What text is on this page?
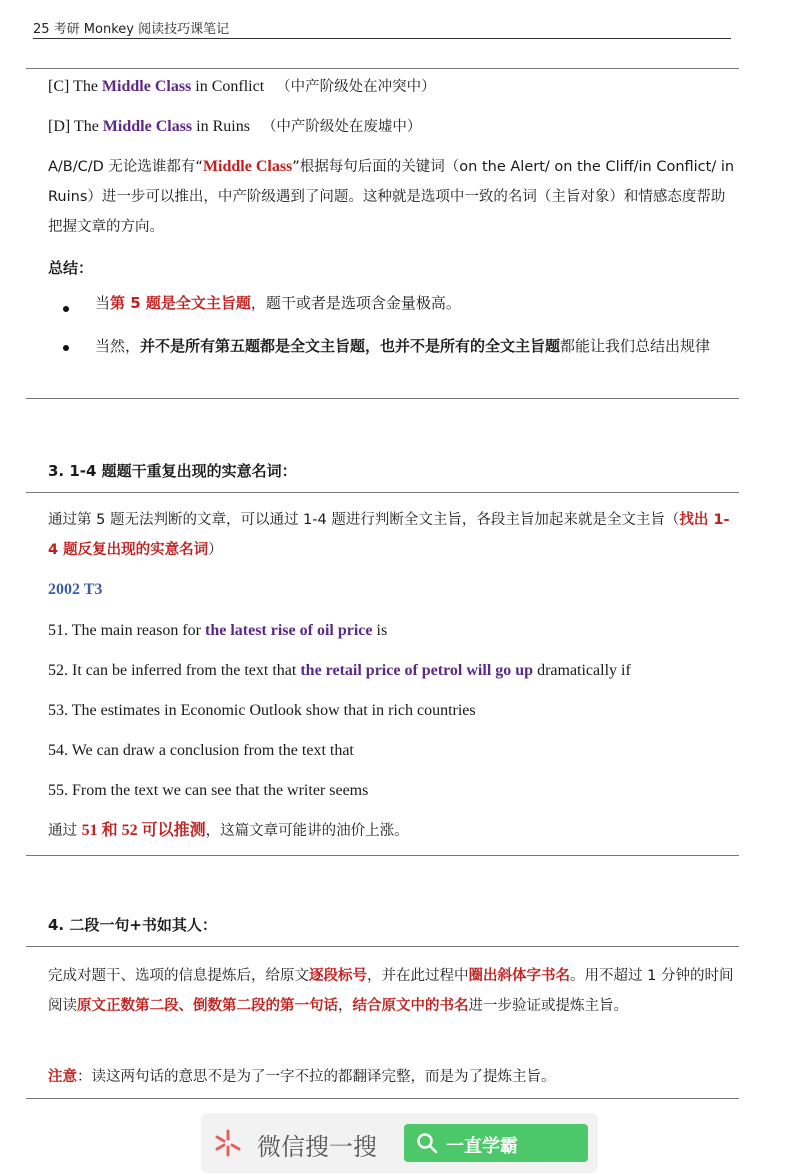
25 考研 Monkey 阅读技巧课笔记
[C] The Middle Class in Conflict （中产阶级处在冲突中）
[D] The Middle Class in Ruins （中产阶级处在废墟中）
A/B/C/D 无论选谁都有“Middle Class”根据每句后面的关键词（on the Alert/ on the Cliff/in Conflict/ in Ruins）进一步可以推出，中产阶级遇到了问题。这种就是选项中一致的名词（主旨对象）和情感态度帮助把握文章的方向。
总结：
当第 5 题是全文主旨题，题干或者是选项含金量极高。
当然，并不是所有第五题都是全文主旨题，也并不是所有的全文主旨题都能让我们总结出规律
3. 1-4 题题干重复出现的实意名词：
通过第 5 题无法判断的文章，可以通过 1-4 题进行判断全文主旨，各段主旨加起来就是全文主旨（找出 1-4 题反复出现的实意名词）
2002 T3
51. The main reason for the latest rise of oil price is
52. It can be inferred from the text that the retail price of petrol will go up dramatically if
53. The estimates in Economic Outlook show that in rich countries
54. We can draw a conclusion from the text that
55. From the text we can see that the writer seems
通过 51 和 52 可以推测，这篇文章可能讲的油价上涨。
4. 二段一句+书如其人：
完成对题干、选项的信息提炼后，给原文逐段标号，并在此过程中圈出斜体字书名。用不超过 1 分钟的时间阅读原文正数第二段、倒数第二段的第一句话，结合原文中的书名进一步验证或提炼主旨。
注意：读这两句话的意思不是为了一字不拉的都翻译完整，而是为了提炼主旨。
微信搜一搜	一直学霸
